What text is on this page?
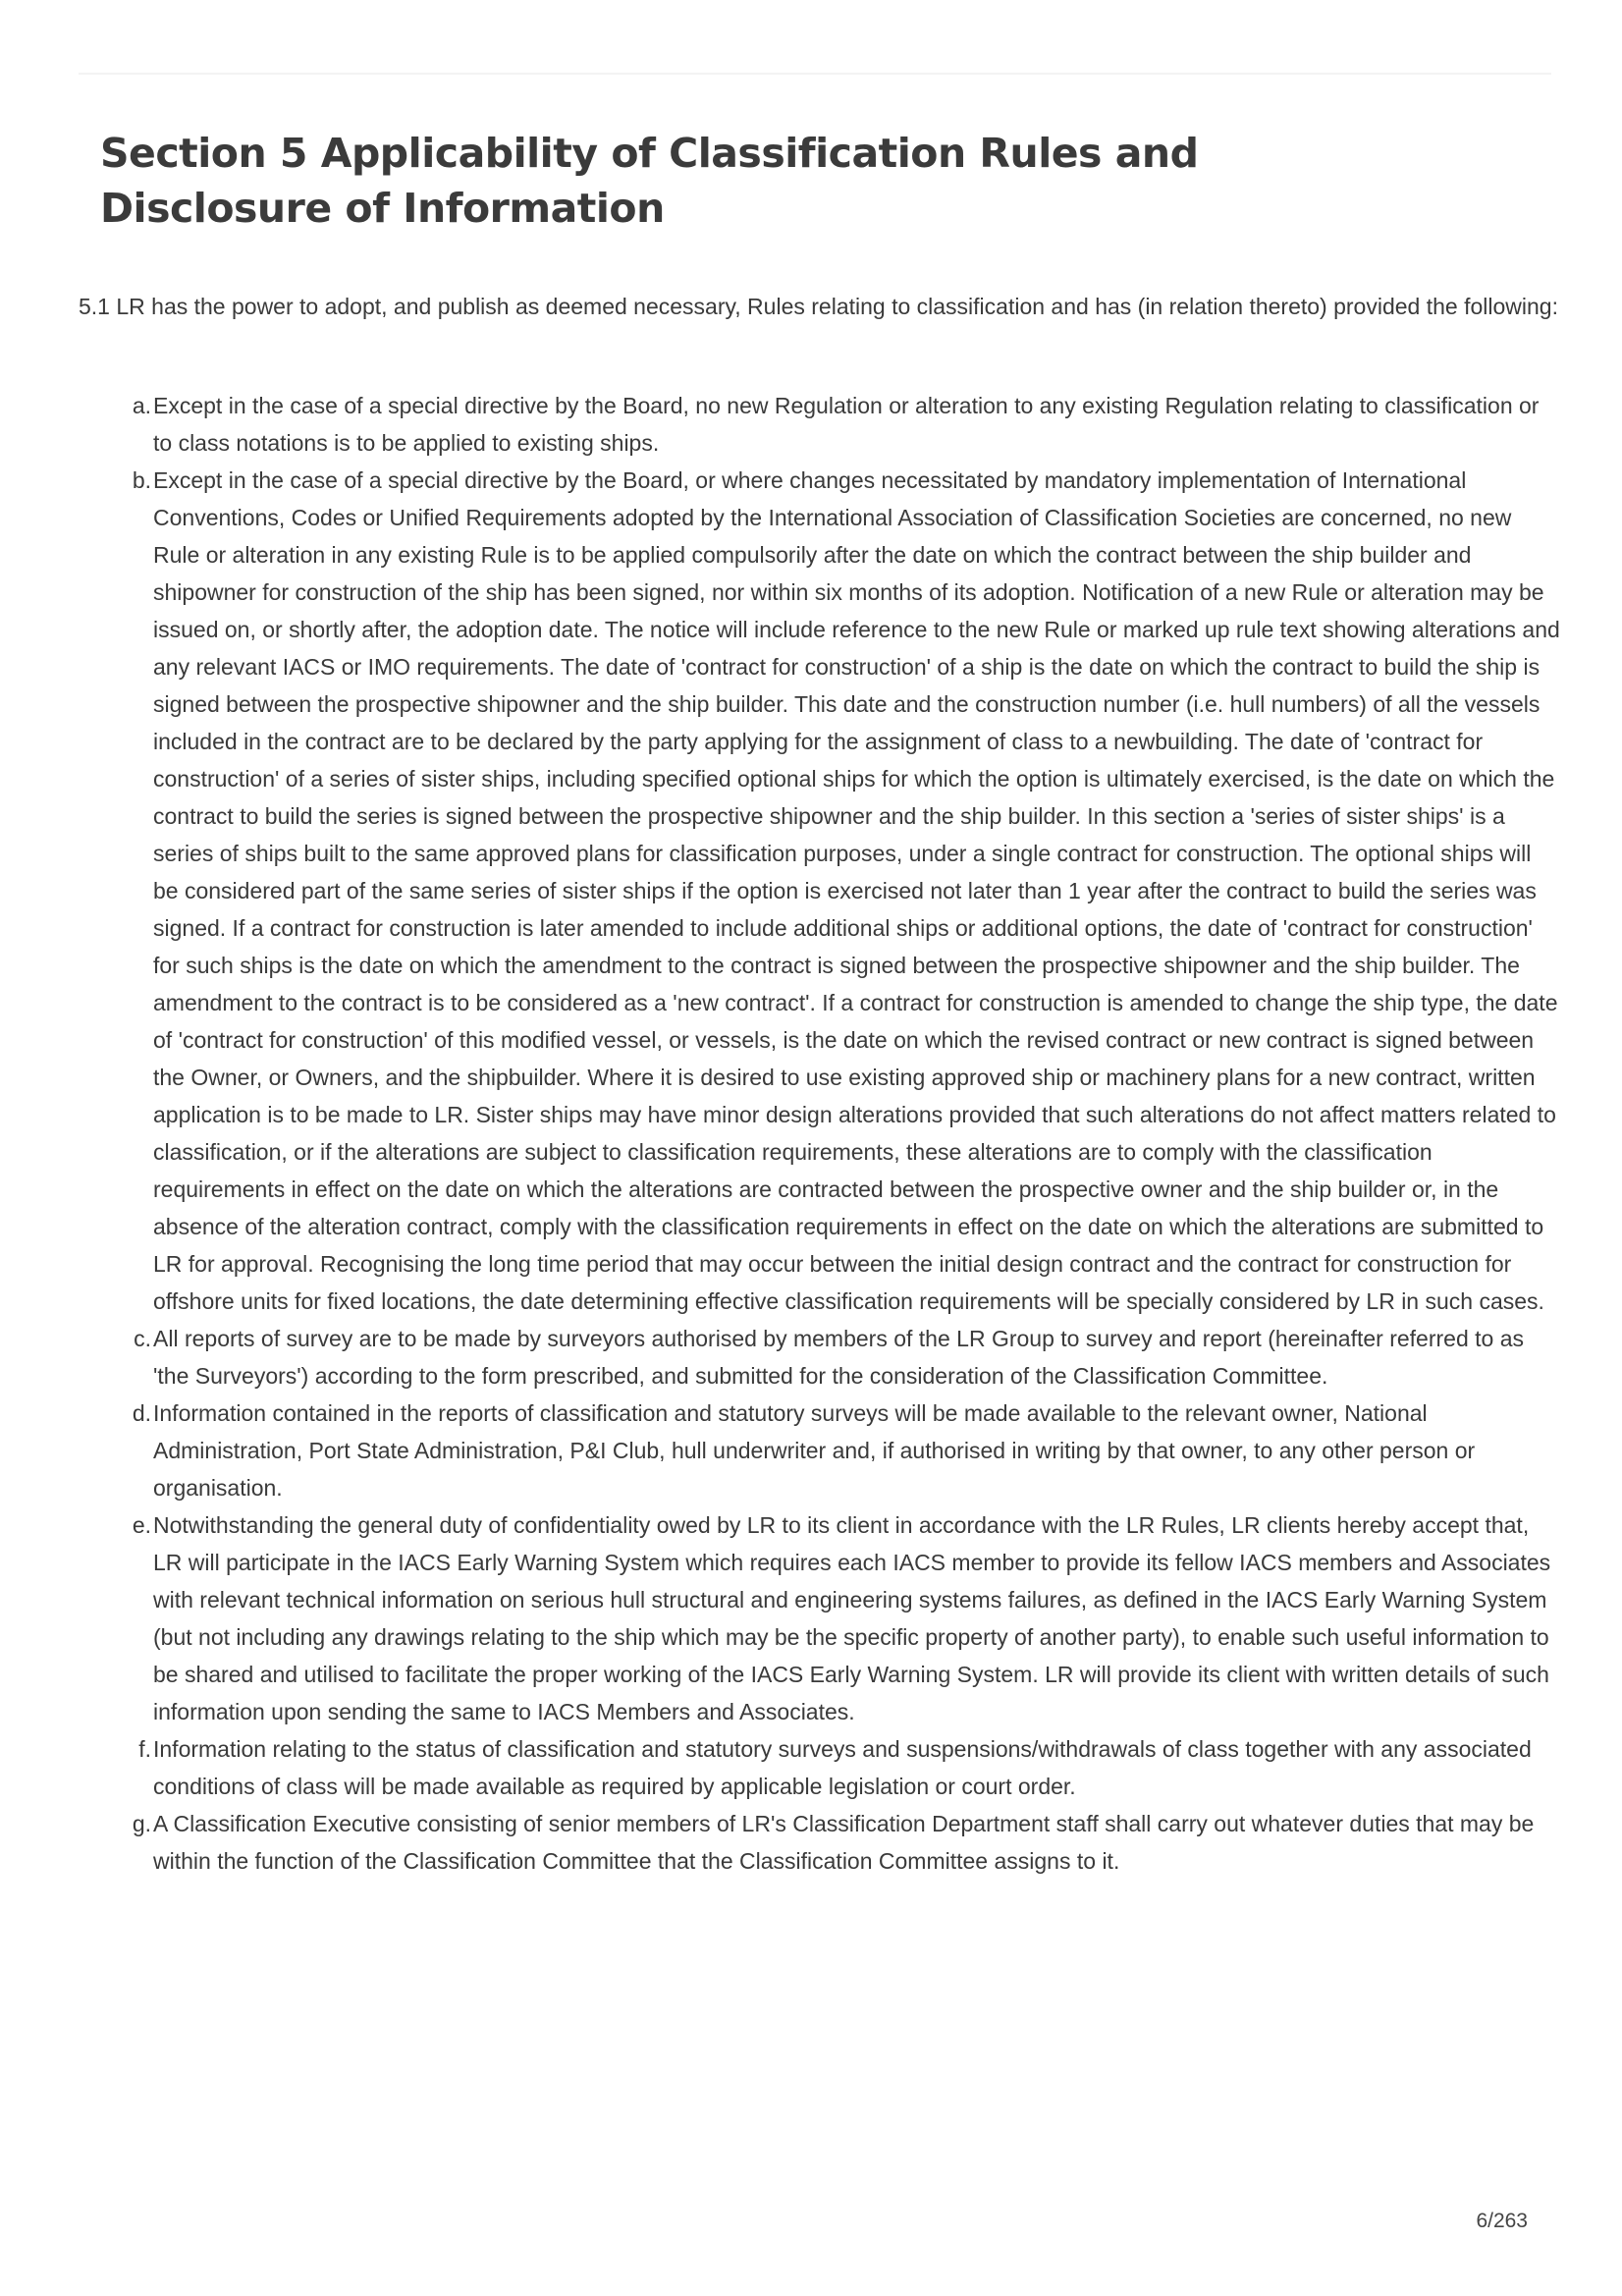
Section 5 Applicability of Classification Rules and Disclosure of Information

5.1 LR has the power to adopt, and publish as deemed necessary, Rules relating to classification and has (in relation thereto) provided the following:

a. Except in the case of a special directive by the Board, no new Regulation or alteration to any existing Regulation relating to classification or to class notations is to be applied to existing ships.
b. Except in the case of a special directive by the Board, or where changes necessitated by mandatory implementation of International Conventions, Codes or Unified Requirements adopted by the International Association of Classification Societies are concerned, no new Rule or alteration in any existing Rule is to be applied compulsorily after the date on which the contract between the ship builder and shipowner for construction of the ship has been signed, nor within six months of its adoption. Notification of a new Rule or alteration may be issued on, or shortly after, the adoption date. The notice will include reference to the new Rule or marked up rule text showing alterations and any relevant IACS or IMO requirements. The date of 'contract for construction' of a ship is the date on which the contract to build the ship is signed between the prospective shipowner and the ship builder. This date and the construction number (i.e. hull numbers) of all the vessels included in the contract are to be declared by the party applying for the assignment of class to a newbuilding. The date of 'contract for construction' of a series of sister ships, including specified optional ships for which the option is ultimately exercised, is the date on which the contract to build the series is signed between the prospective shipowner and the ship builder. In this section a 'series of sister ships' is a series of ships built to the same approved plans for classification purposes, under a single contract for construction. The optional ships will be considered part of the same series of sister ships if the option is exercised not later than 1 year after the contract to build the series was signed. If a contract for construction is later amended to include additional ships or additional options, the date of 'contract for construction' for such ships is the date on which the amendment to the contract is signed between the prospective shipowner and the ship builder. The amendment to the contract is to be considered as a 'new contract'. If a contract for construction is amended to change the ship type, the date of 'contract for construction' of this modified vessel, or vessels, is the date on which the revised contract or new contract is signed between the Owner, or Owners, and the shipbuilder. Where it is desired to use existing approved ship or machinery plans for a new contract, written application is to be made to LR. Sister ships may have minor design alterations provided that such alterations do not affect matters related to classification, or if the alterations are subject to classification requirements, these alterations are to comply with the classification requirements in effect on the date on which the alterations are contracted between the prospective owner and the ship builder or, in the absence of the alteration contract, comply with the classification requirements in effect on the date on which the alterations are submitted to LR for approval. Recognising the long time period that may occur between the initial design contract and the contract for construction for offshore units for fixed locations, the date determining effective classification requirements will be specially considered by LR in such cases.
c. All reports of survey are to be made by surveyors authorised by members of the LR Group to survey and report (hereinafter referred to as 'the Surveyors') according to the form prescribed, and submitted for the consideration of the Classification Committee.
d. Information contained in the reports of classification and statutory surveys will be made available to the relevant owner, National Administration, Port State Administration, P&I Club, hull underwriter and, if authorised in writing by that owner, to any other person or organisation.
e. Notwithstanding the general duty of confidentiality owed by LR to its client in accordance with the LR Rules, LR clients hereby accept that, LR will participate in the IACS Early Warning System which requires each IACS member to provide its fellow IACS members and Associates with relevant technical information on serious hull structural and engineering systems failures, as defined in the IACS Early Warning System (but not including any drawings relating to the ship which may be the specific property of another party), to enable such useful information to be shared and utilised to facilitate the proper working of the IACS Early Warning System. LR will provide its client with written details of such information upon sending the same to IACS Members and Associates.
f. Information relating to the status of classification and statutory surveys and suspensions/withdrawals of class together with any associated conditions of class will be made available as required by applicable legislation or court order.
g. A Classification Executive consisting of senior members of LR's Classification Department staff shall carry out whatever duties that may be within the function of the Classification Committee that the Classification Committee assigns to it.
6/263
